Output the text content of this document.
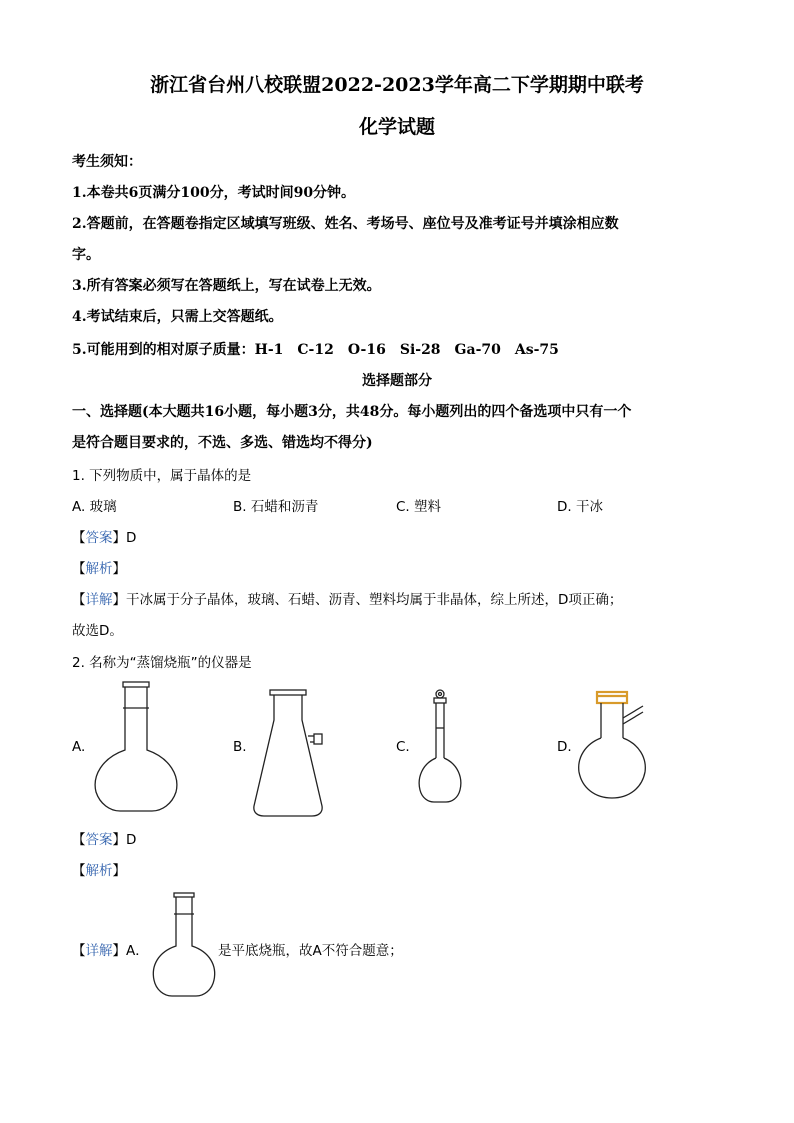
浙江省台州八校联盟2022-2023学年高二下学期期中联考
化学试题
考生须知：
1.本卷共6页满分100分，考试时间90分钟。
2.答题前，在答题卷指定区域填写班级、姓名、考场号、座位号及准考证号并填涂相应数
字。
3.所有答案必须写在答题纸上，写在试卷上无效。
4.考试结束后，只需上交答题纸。
5.可能用到的相对原子质量：H-1　C-12　O-16　Si-28　Ga-70　As-75
选择题部分
一、选择题(本大题共16小题，每小题3分，共48分。每小题列出的四个备选项中只有一个
是符合题目要求的，不选、多选、错选均不得分)
1. 下列物质中，属于晶体的是
A. 玻璃	B. 石蜡和沥青	C. 塑料	D. 干冰
【答案】D
【解析】
【详解】干冰属于分子晶体，玻璃、石蜡、沥青、塑料均属于非晶体，综上所述，D项正确；
故选D。
2. 名称为“蒸馏烧瓶”的仪器是
A.	B.	C.	D.
【答案】D
【解析】
【详解】A．	是平底烧瓶，故A不符合题意；
